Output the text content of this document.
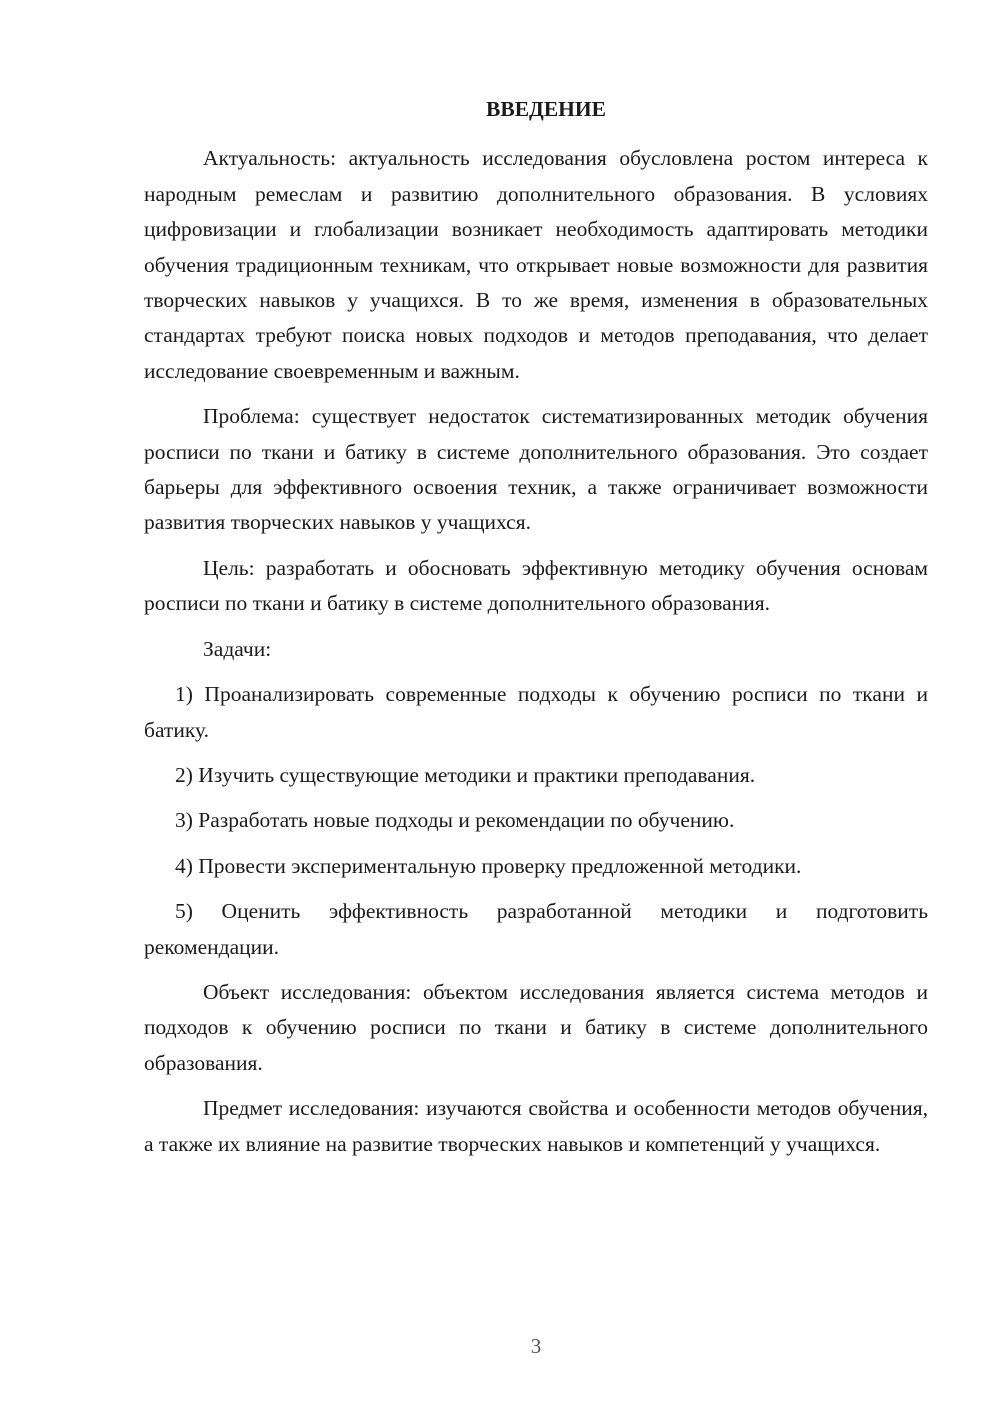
ВВЕДЕНИЕ

Актуальность: актуальность исследования обусловлена ростом интереса к народным ремеслам и развитию дополнительного образования. В условиях цифровизации и глобализации возникает необходимость адаптировать методики обучения традиционным техникам, что открывает новые возможности для развития творческих навыков у учащихся. В то же время, изменения в образовательных стандартах требуют поиска новых подходов и методов преподавания, что делает исследование своевременным и важным.

Проблема: существует недостаток систематизированных методик обучения росписи по ткани и батику в системе дополнительного образования. Это создает барьеры для эффективного освоения техник, а также ограничивает возможности развития творческих навыков у учащихся.

Цель: разработать и обосновать эффективную методику обучения основам росписи по ткани и батику в системе дополнительного образования.

Задачи:

1) Проанализировать современные подходы к обучению росписи по ткани и батику.

2) Изучить существующие методики и практики преподавания.

3) Разработать новые подходы и рекомендации по обучению.

4) Провести экспериментальную проверку предложенной методики.

5) Оценить эффективность разработанной методики и подготовить рекомендации.

Объект исследования: объектом исследования является система методов и подходов к обучению росписи по ткани и батику в системе дополнительного образования.

Предмет исследования: изучаются свойства и особенности методов обучения, а также их влияние на развитие творческих навыков и компетенций у учащихся.

3
